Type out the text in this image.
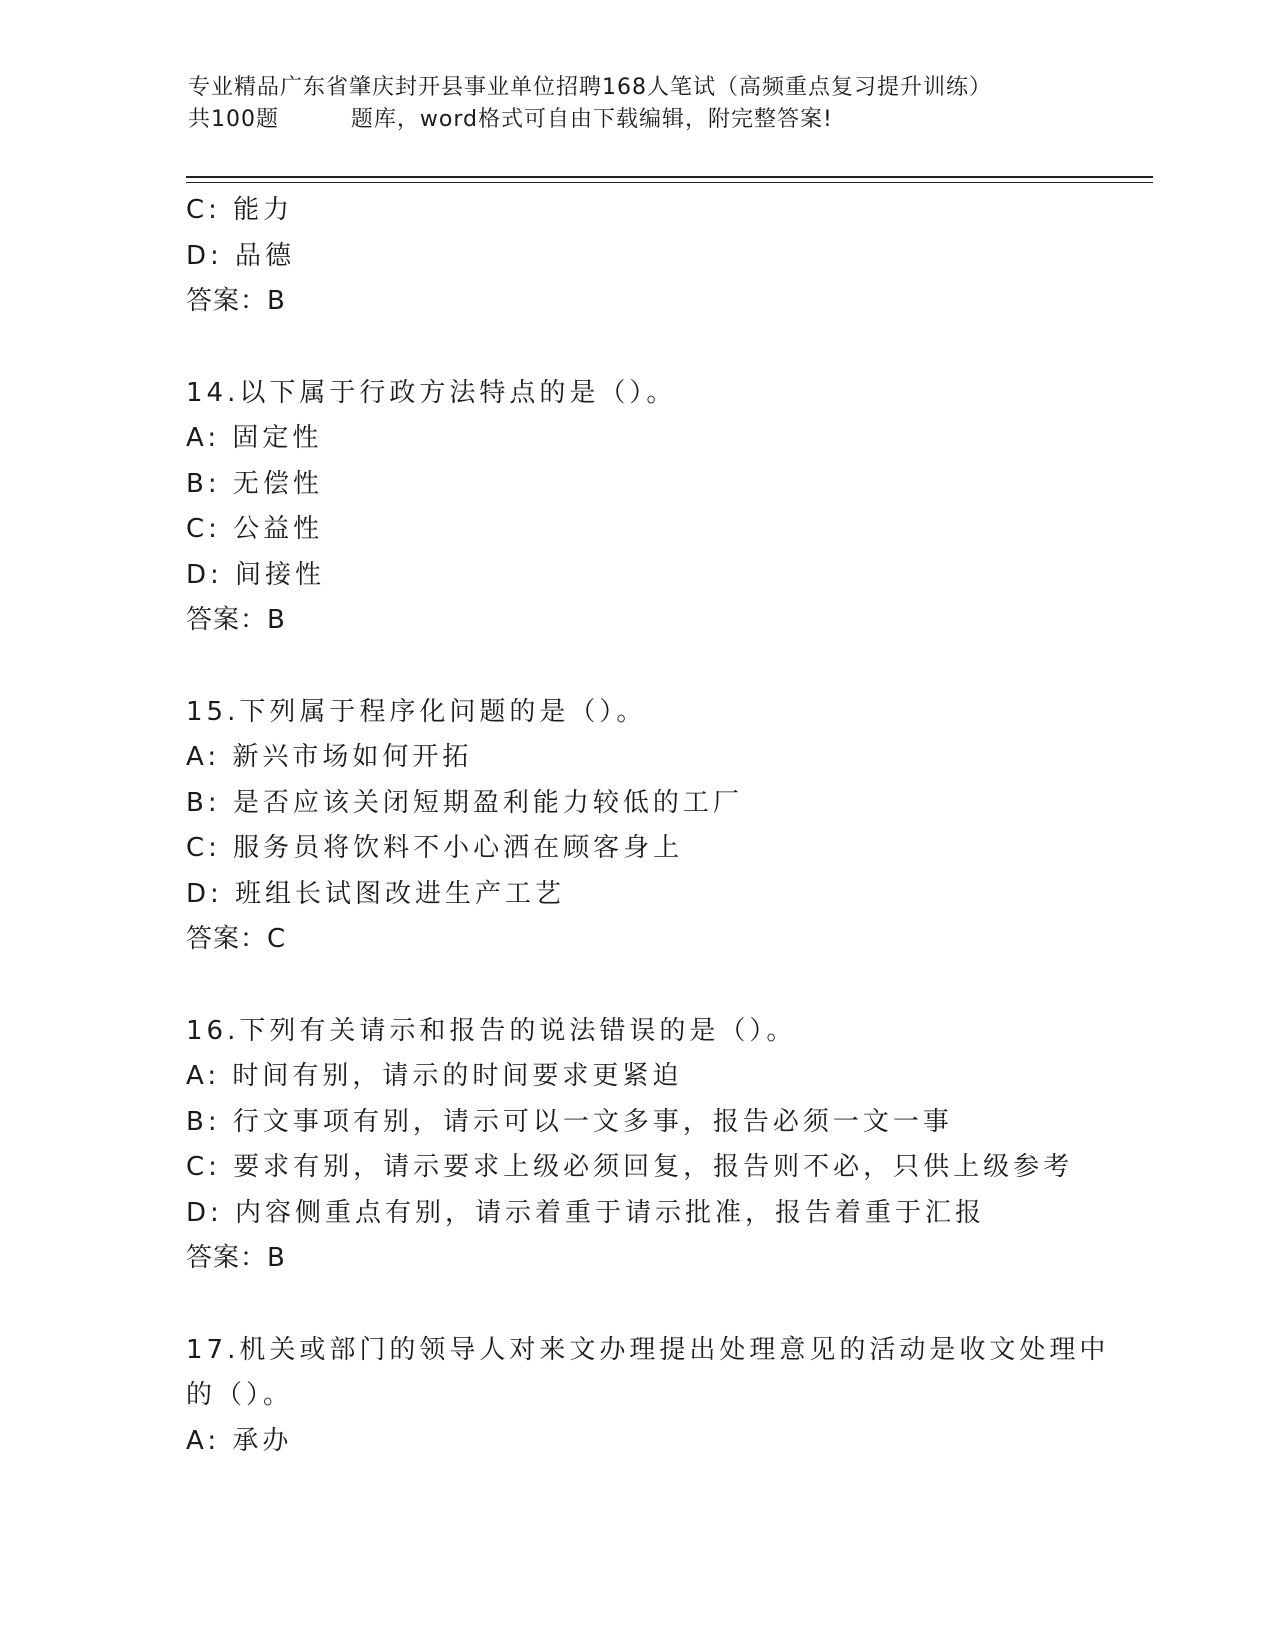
专业精品广东省肇庆封开县事业单位招聘168人笔试（高频重点复习提升训练）
共100题         题库，word格式可自由下载编辑，附完整答案!
C: 能力
D: 品德
答案：B
14.以下属于行政方法特点的是（）。
A: 固定性
B: 无偿性
C: 公益性
D: 间接性
答案：B
15.下列属于程序化问题的是（）。
A: 新兴市场如何开拓
B: 是否应该关闭短期盈利能力较低的工厂
C: 服务员将饮料不小心洒在顾客身上
D: 班组长试图改进生产工艺
答案：C
16.下列有关请示和报告的说法错误的是（）。
A: 时间有别，请示的时间要求更紧迫
B: 行文事项有别，请示可以一文多事，报告必须一文一事
C: 要求有别，请示要求上级必须回复，报告则不必，只供上级参考
D: 内容侧重点有别，请示着重于请示批准，报告着重于汇报
答案：B
17.机关或部门的领导人对来文办理提出处理意见的活动是收文处理中
的（）。
A: 承办
